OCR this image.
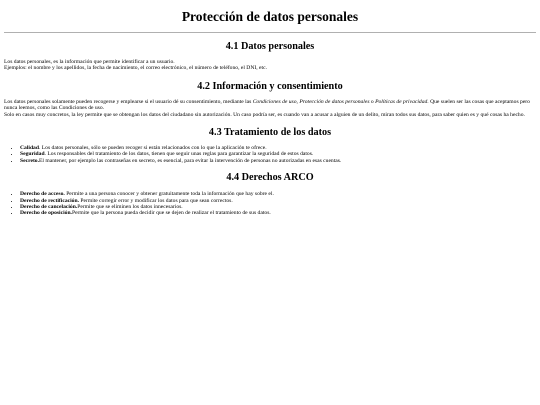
Protección de datos personales
4.1 Datos personales

Los datos personales, es la información que permite identificar a un usuario.
Ejemplos: el nombre y los apellidos, la fecha de nacimiento, el correo electrónico, el número de teléfono, el DNI, etc.

4.2 Información y consentimiento

Los datos personales solamente pueden recogerse y emplearse si el usuario dé su consentimiento, mediante las Condiciones de uso, Protección de datos personales o Políticas de privacidad. Que suelen ser las cosas que aceptamos pero nunca leemos, como las Condiciones de uso.
Solo en casos muy concretos, la ley permite que se obtengan los datos del ciudadano sin autorización. Un caso podría ser, es cuando van a acusar a alguien de un delito, miran todos sus datos, para saber quien es y qué cosas ha hecho.

4.3 Tratamiento de los datos
• Calidad. Los datos personales, sólo se pueden recoger si están relacionados con lo que la aplicación te ofrece.
• Seguridad. Los responsables del tratamiento de los datos, tienen que seguir unas reglas para garantizar la seguridad de estos datos.
• Secreto.El mantener, por ejemplo las contraseñas en secreto, es esencial, para evitar la intervención de personas no autorizadas en esas cuentas.
4.4 Derechos ARCO
• Derecho de acceso. Permite a una persona conocer y obtener gratuitamente toda la información que hay sobre el.
• Derecho de rectificación. Permite corregir error y modificar los datos para que sean correctos.
• Derecho de cancelación.Permite que se eliminen los datos innecesarios.
• Derecho de oposición.Permite que la persona pueda decidir que se dejen de realizar el tratamiento de sus datos.
